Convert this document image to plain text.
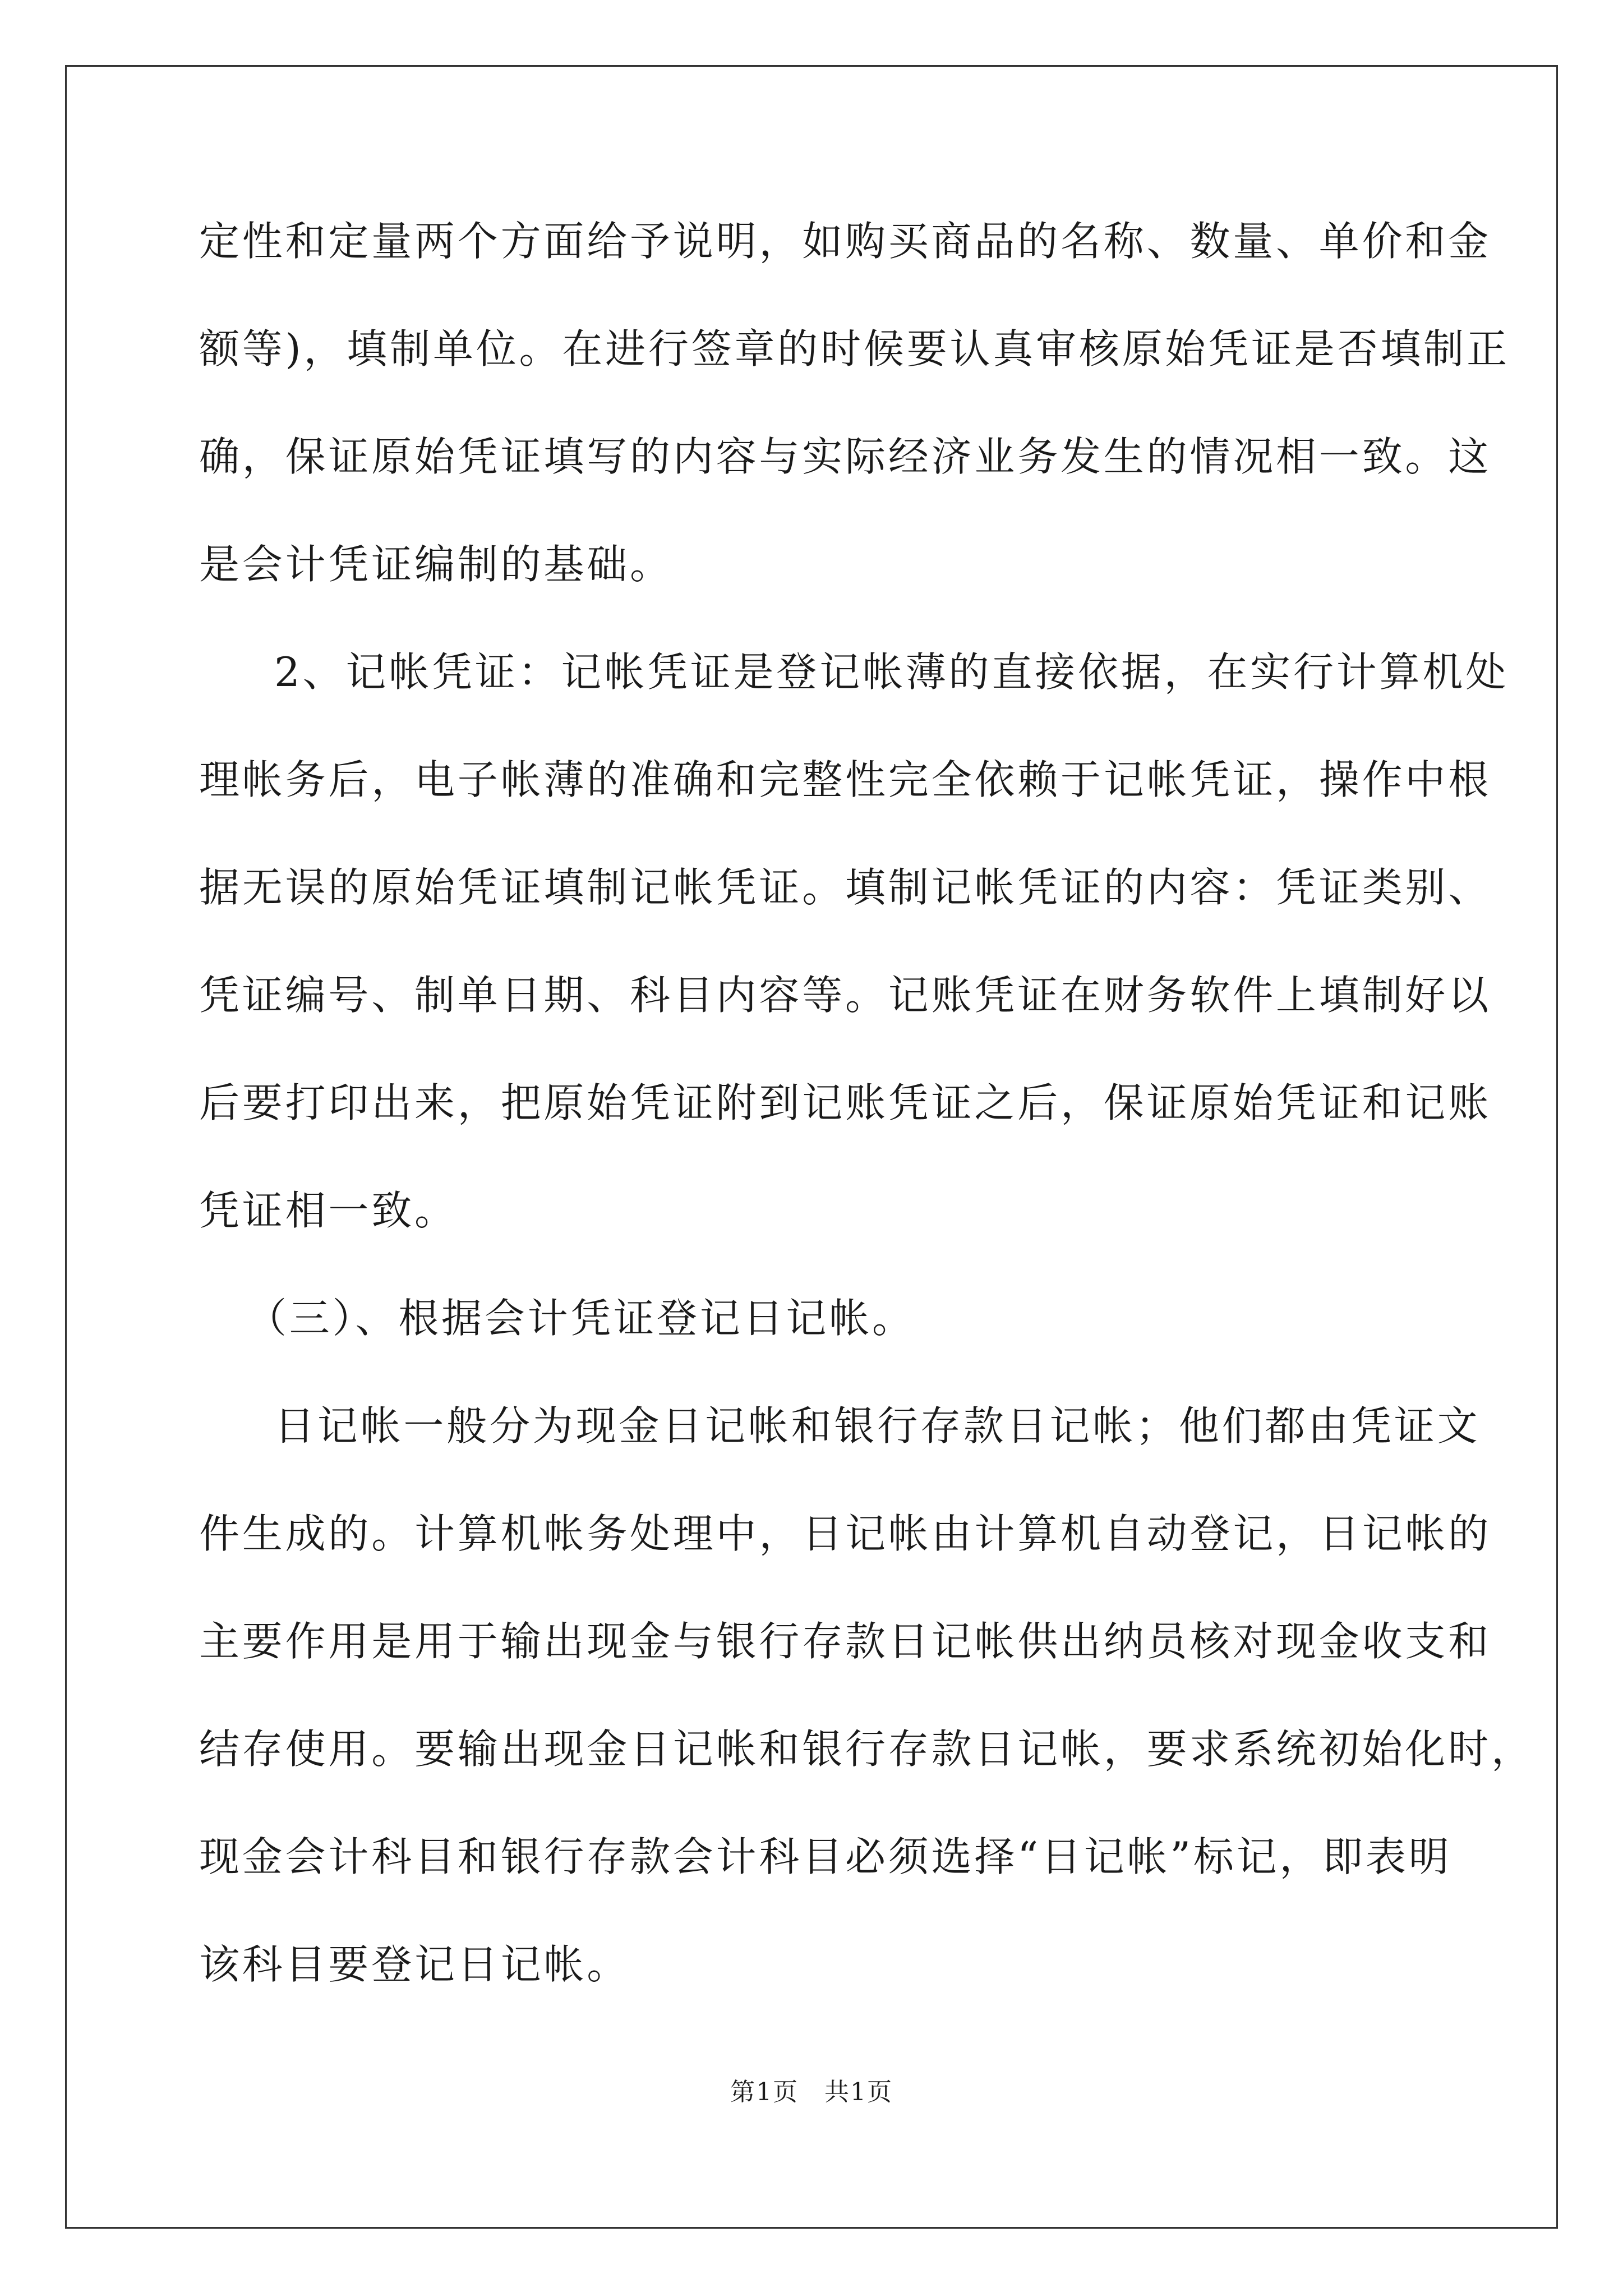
定性和定量两个方面给予说明，如购买商品的名称、数量、单价和金
额等)，填制单位。在进行签章的时候要认真审核原始凭证是否填制正
确，保证原始凭证填写的内容与实际经济业务发生的情况相一致。这
是会计凭证编制的基础。
2、记帐凭证：记帐凭证是登记帐薄的直接依据，在实行计算机处
理帐务后，电子帐薄的准确和完整性完全依赖于记帐凭证，操作中根
据无误的原始凭证填制记帐凭证。填制记帐凭证的内容：凭证类别、
凭证编号、制单日期、科目内容等。记账凭证在财务软件上填制好以
后要打印出来，把原始凭证附到记账凭证之后，保证原始凭证和记账
凭证相一致。
（三）、根据会计凭证登记日记帐。
日记帐一般分为现金日记帐和银行存款日记帐；他们都由凭证文
件生成的。计算机帐务处理中，日记帐由计算机自动登记，日记帐的
主要作用是用于输出现金与银行存款日记帐供出纳员核对现金收支和
结存使用。要输出现金日记帐和银行存款日记帐，要求系统初始化时，
现金会计科目和银行存款会计科目必须选择“日记帐”标记，即表明
该科目要登记日记帐。
第1页　共1页
